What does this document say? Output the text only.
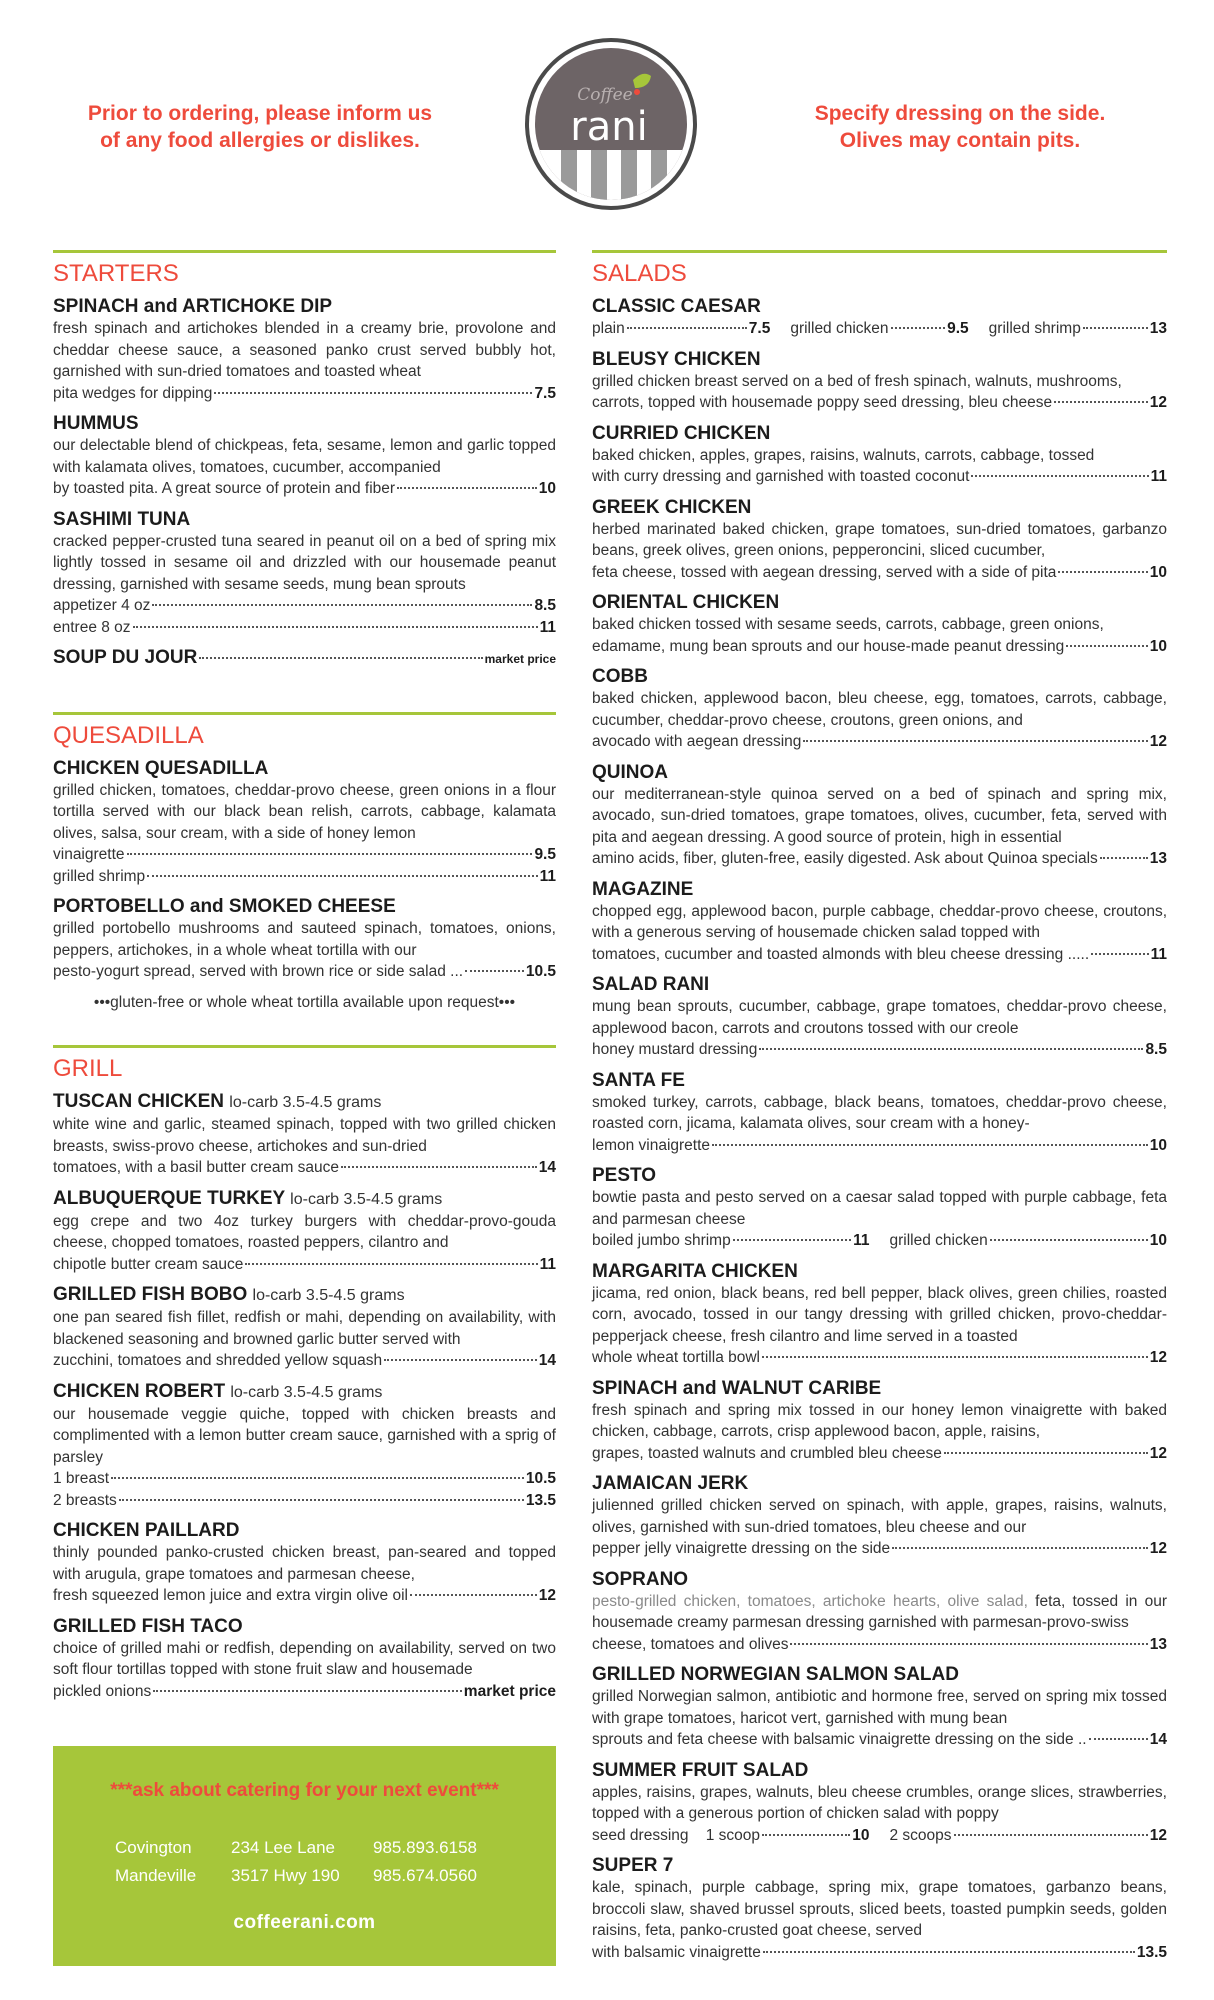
Prior to ordering, please inform us
of any food allergies or dislikes.
Specify dressing on the side.
Olives may contain pits.
Coffee
rani
STARTERS
SPINACH and ARTICHOKE DIP
fresh spinach and artichokes blended in a creamy brie, provolone and cheddar cheese sauce, a seasoned panko crust served bubbly hot, garnished with sun-dried tomatoes and toasted wheat
pita wedges for dipping	7.5
HUMMUS
our delectable blend of chickpeas, feta, sesame, lemon and garlic topped with kalamata olives, tomatoes, cucumber, accompanied
by toasted pita. A great source of protein and fiber	10
SASHIMI TUNA
cracked pepper-crusted tuna seared in peanut oil on a bed of spring mix lightly tossed in sesame oil and drizzled with our housemade peanut dressing, garnished with sesame seeds, mung bean sprouts
appetizer 4 oz	8.5
entree 8 oz	11
SOUP DU JOUR	market price
QUESADILLA
CHICKEN QUESADILLA
grilled chicken, tomatoes, cheddar-provo cheese, green onions in a flour tortilla served with our black bean relish, carrots, cabbage, kalamata olives, salsa, sour cream, with a side of honey lemon
vinaigrette	9.5
grilled shrimp	11
PORTOBELLO and SMOKED CHEESE
grilled portobello mushrooms and sauteed spinach, tomatoes, onions, peppers, artichokes, in a whole wheat tortilla with our
pesto-yogurt spread, served with brown rice or side salad ...	10.5
•••gluten-free or whole wheat tortilla available upon request•••
GRILL
TUSCAN CHICKEN lo-carb 3.5-4.5 grams
white wine and garlic, steamed spinach, topped with two grilled chicken breasts, swiss-provo cheese, artichokes and sun-dried
tomatoes, with a basil butter cream sauce	14
ALBUQUERQUE TURKEY lo-carb 3.5-4.5 grams
egg crepe and two 4oz turkey burgers with cheddar-provo-gouda cheese, chopped tomatoes, roasted peppers, cilantro and
chipotle butter cream sauce	11
GRILLED FISH BOBO lo-carb 3.5-4.5 grams
one pan seared fish fillet, redfish or mahi, depending on availability, with blackened seasoning and browned garlic butter served with
zucchini, tomatoes and shredded yellow squash	14
CHICKEN ROBERT lo-carb 3.5-4.5 grams
our housemade veggie quiche, topped with chicken breasts and complimented with a lemon butter cream sauce, garnished with a sprig of parsley
1 breast	10.5
2 breasts	13.5
CHICKEN PAILLARD
thinly pounded panko-crusted chicken breast, pan-seared and topped with arugula, grape tomatoes and parmesan cheese,
fresh squeezed lemon juice and extra virgin olive oil	12
GRILLED FISH TACO
choice of grilled mahi or redfish, depending on availability, served on two soft flour tortillas topped with stone fruit slaw and housemade
pickled onions	market price
SALADS
CLASSIC CAESAR
plain	7.5 grilled chicken	9.5 grilled shrimp	13
BLEUSY CHICKEN
grilled chicken breast served on a bed of fresh spinach, walnuts, mushrooms,
carrots, topped with housemade poppy seed dressing, bleu cheese	12
CURRIED CHICKEN
baked chicken, apples, grapes, raisins, walnuts, carrots, cabbage, tossed
with curry dressing and garnished with toasted coconut	11
GREEK CHICKEN
herbed marinated baked chicken, grape tomatoes, sun-dried tomatoes, garbanzo beans, greek olives, green onions, pepperoncini, sliced cucumber,
feta cheese, tossed with aegean dressing, served with a side of pita	10
ORIENTAL CHICKEN
baked chicken tossed with sesame seeds, carrots, cabbage, green onions,
edamame, mung bean sprouts and our house-made peanut dressing	10
COBB
baked chicken, applewood bacon, bleu cheese, egg, tomatoes, carrots, cabbage, cucumber, cheddar-provo cheese, croutons, green onions, and
avocado with aegean dressing	12
QUINOA
our mediterranean-style quinoa served on a bed of spinach and spring mix, avocado, sun-dried tomatoes, grape tomatoes, olives, cucumber, feta, served with pita and aegean dressing. A good source of protein, high in essential
amino acids, fiber, gluten-free, easily digested. Ask about Quinoa specials	13
MAGAZINE
chopped egg, applewood bacon, purple cabbage, cheddar-provo cheese, croutons, with a generous serving of housemade chicken salad topped with
tomatoes, cucumber and toasted almonds with bleu cheese dressing .....	11
SALAD RANI
mung bean sprouts, cucumber, cabbage, grape tomatoes, cheddar-provo cheese, applewood bacon, carrots and croutons tossed with our creole
honey mustard dressing	8.5
SANTA FE
smoked turkey, carrots, cabbage, black beans, tomatoes, cheddar-provo cheese, roasted corn, jicama, kalamata olives, sour cream with a honey-
lemon vinaigrette	10
PESTO
bowtie pasta and pesto served on a caesar salad topped with purple cabbage, feta and parmesan cheese
boiled jumbo shrimp	11 grilled chicken	10
MARGARITA CHICKEN
jicama, red onion, black beans, red bell pepper, black olives, green chilies, roasted corn, avocado, tossed in our tangy dressing with grilled chicken, provo-cheddar-pepperjack cheese, fresh cilantro and lime served in a toasted
whole wheat tortilla bowl	12
SPINACH and WALNUT CARIBE
fresh spinach and spring mix tossed in our honey lemon vinaigrette with baked chicken, cabbage, carrots, crisp applewood bacon, apple, raisins,
grapes, toasted walnuts and crumbled bleu cheese	12
JAMAICAN JERK
julienned grilled chicken served on spinach, with apple, grapes, raisins, walnuts, olives, garnished with sun-dried tomatoes, bleu cheese and our
pepper jelly vinaigrette dressing on the side	12
SOPRANO
pesto-grilled chicken, tomatoes, artichoke hearts, olive salad, feta, tossed in our housemade creamy parmesan dressing garnished with parmesan-provo-swiss
cheese, tomatoes and olives	13
GRILLED NORWEGIAN SALMON SALAD
grilled Norwegian salmon, antibiotic and hormone free, served on spring mix tossed with grape tomatoes, haricot vert, garnished with mung bean
sprouts and feta cheese with balsamic vinaigrette dressing on the side ..	14
SUMMER FRUIT SALAD
apples, raisins, grapes, walnuts, bleu cheese crumbles, orange slices, strawberries, topped with a generous portion of chicken salad with poppy
seed dressing    1 scoop	10 2 scoops	12
SUPER 7
kale, spinach, purple cabbage, spring mix, grape tomatoes, garbanzo beans, broccoli slaw, shaved brussel sprouts, sliced beets, toasted pumpkin seeds, golden raisins, feta, panko-crusted goat cheese, served
with balsamic vinaigrette	13.5
***ask about catering for your next event***
Covington 234 Lee Lane 985.893.6158
Mandeville 3517 Hwy 190 985.674.0560
coffeerani.com
